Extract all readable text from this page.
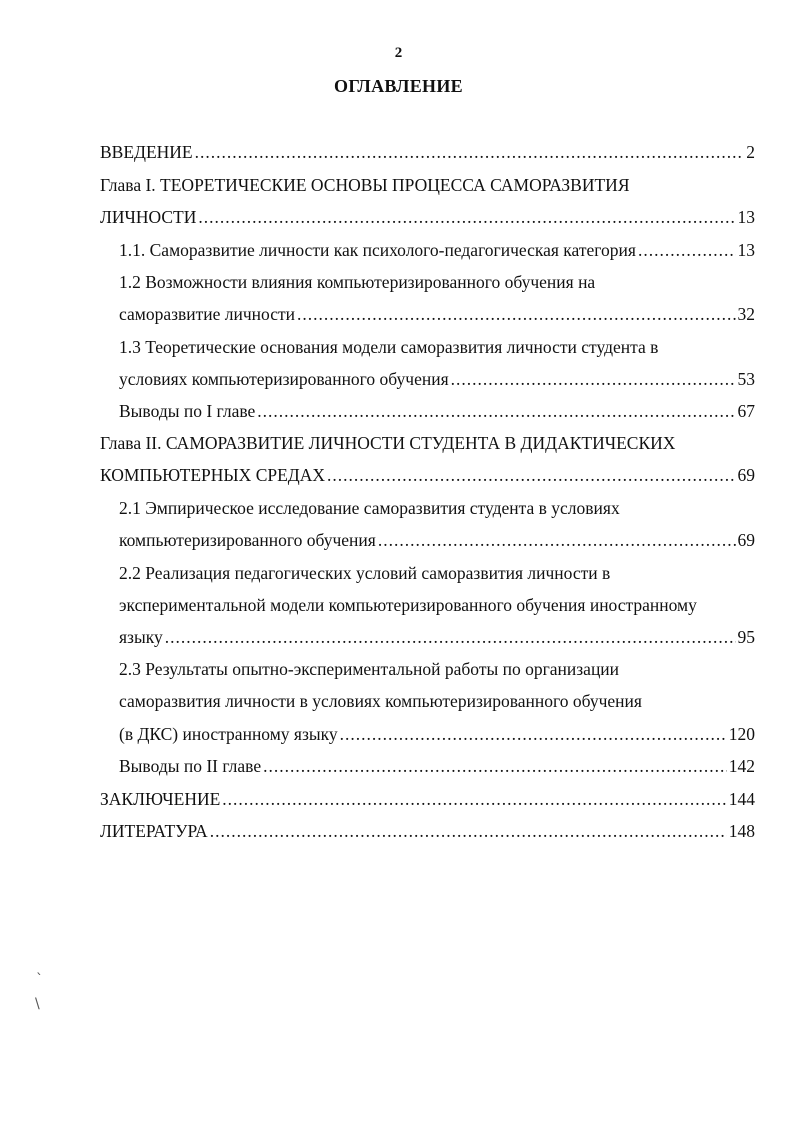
2
ОГЛАВЛЕНИЕ
ВВЕДЕНИЕ .....	2
Глава I. ТЕОРЕТИЧЕСКИЕ ОСНОВЫ ПРОЦЕССА САМОРАЗВИТИЯ
ЛИЧНОСТИ .....	13
1.1. Саморазвитие личности как психолого-педагогическая категория .....	13
1.2 Возможности влияния компьютеризированного обучения на
саморазвитие личности .....	32
1.3 Теоретические основания модели саморазвития личности студента в
условиях компьютеризированного обучения .....	53
Выводы по I главе .....	67
Глава II. САМОРАЗВИТИЕ ЛИЧНОСТИ СТУДЕНТА В ДИДАКТИЧЕСКИХ
КОМПЬЮТЕРНЫХ СРЕДАХ .....	69
2.1 Эмпирическое исследование саморазвития студента в условиях
компьютеризированного обучения .....	69
2.2 Реализация педагогических условий саморазвития личности в
экспериментальной модели компьютеризированного обучения иностранному
языку .....	95
2.3 Результаты опытно-экспериментальной работы по организации
саморазвития личности в условиях компьютеризированного обучения
(в ДКС) иностранному языку .....	120
Выводы по II главе .....	142
ЗАКЛЮЧЕНИЕ .....	144
ЛИТЕРАТУРА .....	148
`
\
